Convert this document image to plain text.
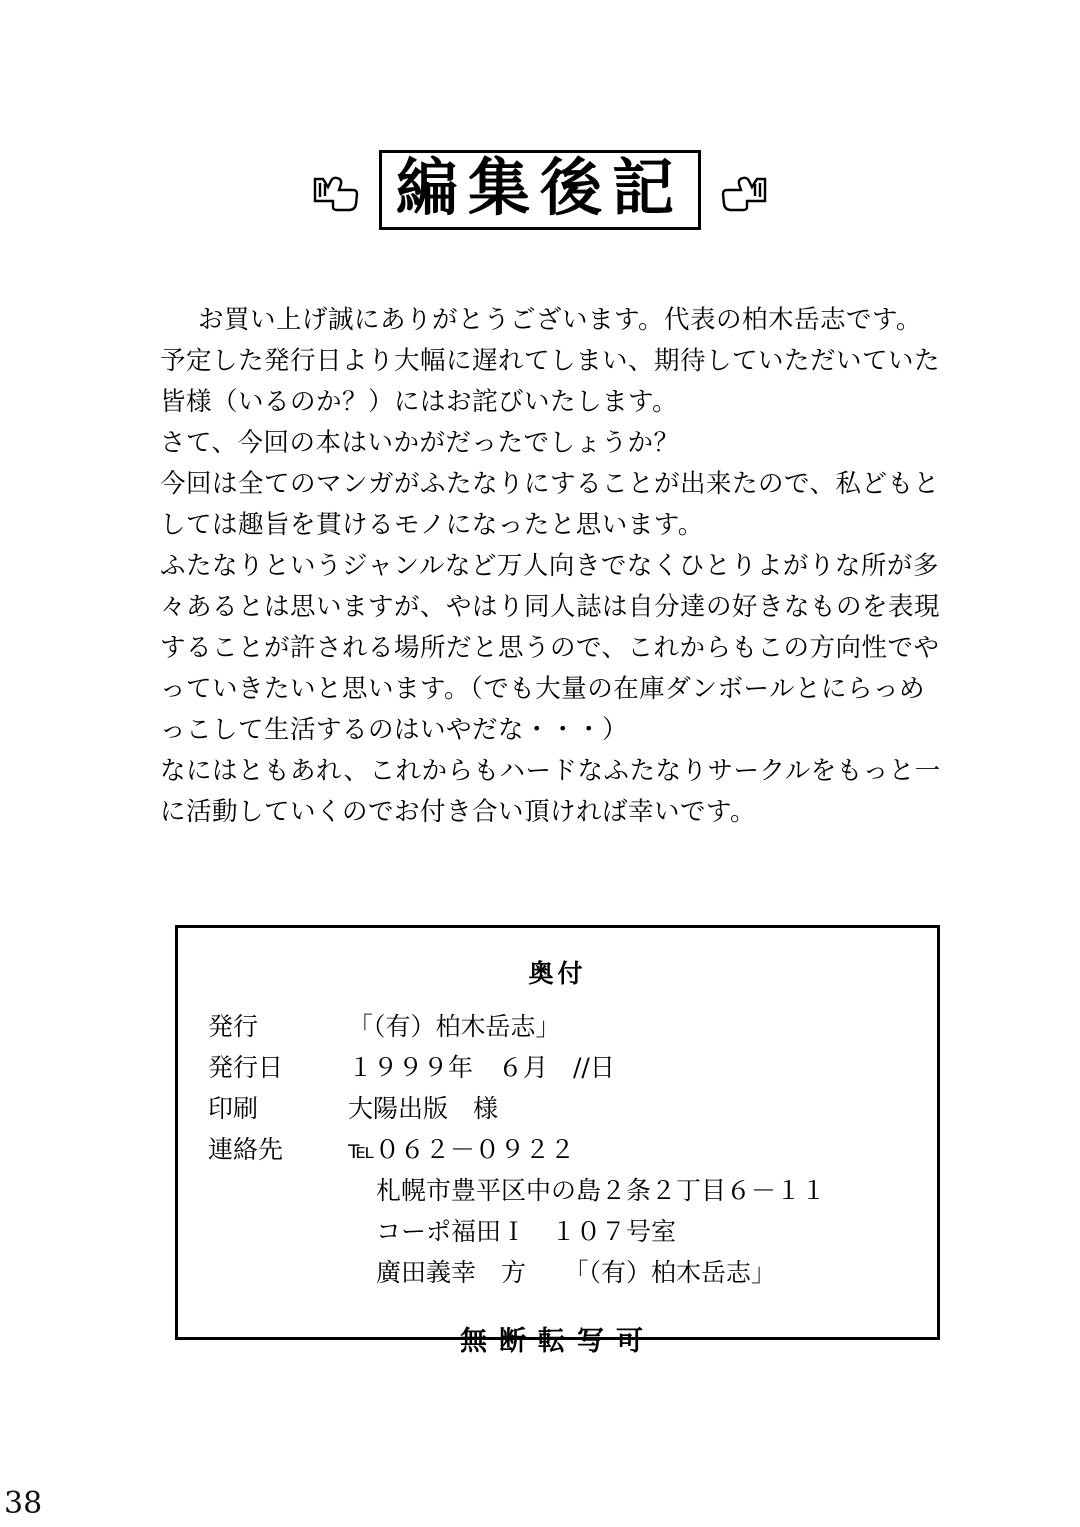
編集後記
お買い上げ誠にありがとうございます。代表の柏木岳志です。
予定した発行日より大幅に遅れてしまい、期待していただいていた
皆様（いるのか？）にはお詫びいたします。
さて、今回の本はいかがだったでしょうか？
今回は全てのマンガがふたなりにすることが出来たので、私どもと
しては趣旨を貫けるモノになったと思います。
ふたなりというジャンルなど万人向きでなくひとりよがりな所が多
々あるとは思いますが、やはり同人誌は自分達の好きなものを表現
することが許される場所だと思うので、これからもこの方向性でや
っていきたいと思います。（でも大量の在庫ダンボールとにらっめ
っこして生活するのはいやだな・・・）
なにはともあれ、これからもハードなふたなりサークルをもっと一
に活動していくのでお付き合い頂ければ幸いです。
奥付
発行	「（有）柏木岳志」
発行日	１９９９年　６月　//日
印刷	大陽出版　様
連絡先	℡０６２－０９２２
札幌市豊平区中の島２条２丁目６－１１
コーポ福田Ｉ　１０７号室
廣田義幸　方　　「（有）柏木岳志」
無断転写可
38
